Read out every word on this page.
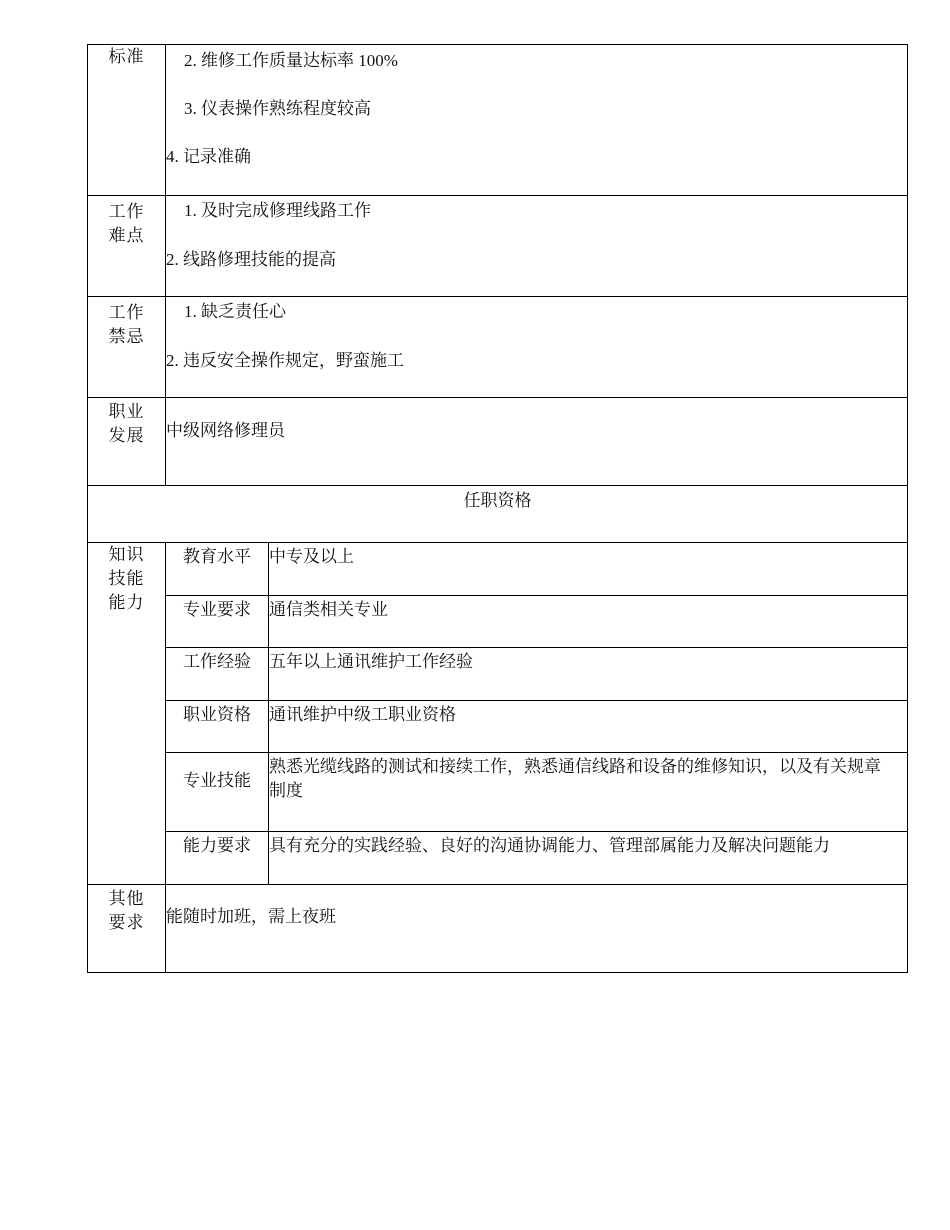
标准	2. 维修工作质量达标率 100%
3. 仪表操作熟练程度较高
4. 记录准确	

工作
难点	1. 及时完成修理线路工作
2. 线路修理技能的提高	

工作
禁忌	1. 缺乏责任心
2. 违反安全操作规定，野蛮施工	

职业
发展	中级网络修理员	

任职资格		
知识
技能
能力	教育水平	中专及以上
	专业要求	通信类相关专业
	工作经验	五年以上通讯维护工作经验
	职业资格	通讯维护中级工职业资格
	专业技能	熟悉光缆线路的测试和接续工作，熟悉通信线路和设备的维修知识，以及有关规章制度
	能力要求	具有充分的实践经验、良好的沟通协调能力、管理部属能力及解决问题能力
其他
要求	能随时加班，需上夜班	
